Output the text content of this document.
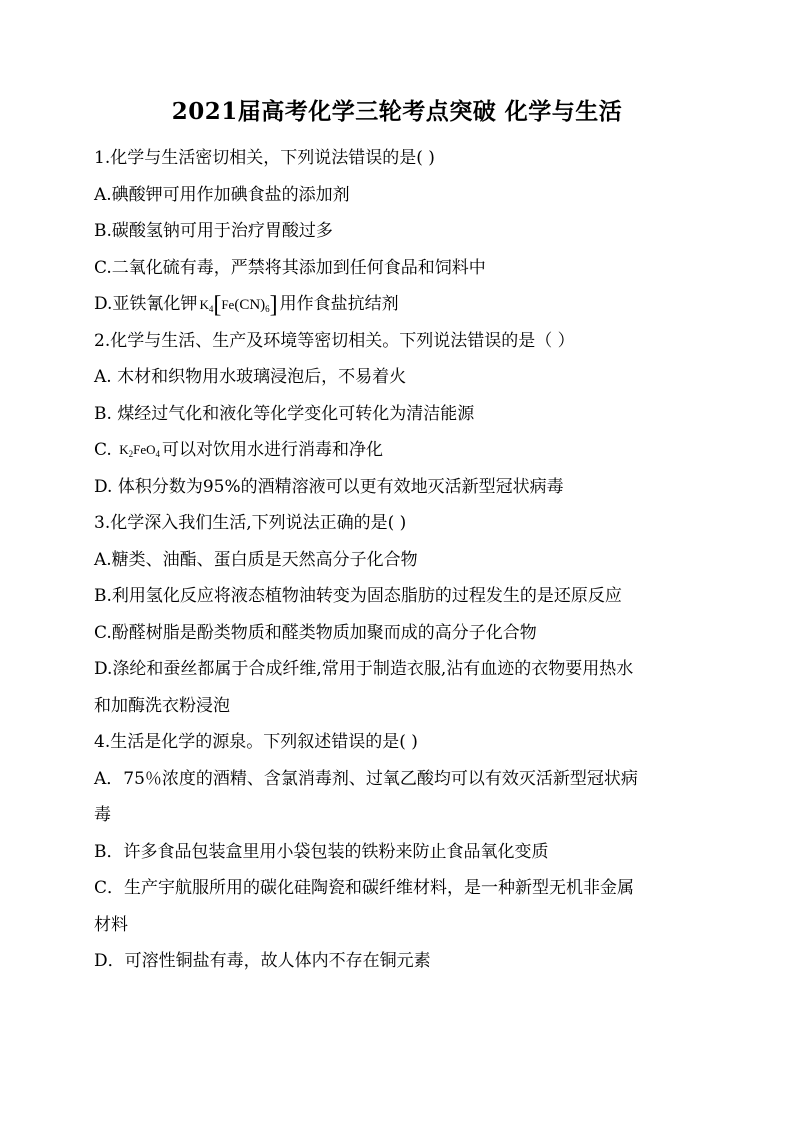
2021届高考化学三轮考点突破 化学与生活
1.化学与生活密切相关，下列说法错误的是( )
A.碘酸钾可用作加碘食盐的添加剂
B.碳酸氢钠可用于治疗胃酸过多
C.二氧化硫有毒，严禁将其添加到任何食品和饲料中
D.亚铁氰化钾 $K_4[Fe(CN)_6]$ 用作食盐抗结剂
2.化学与生活、生产及环境等密切相关。下列说法错误的是（ ）
A. 木材和织物用水玻璃浸泡后，不易着火
B. 煤经过气化和液化等化学变化可转化为清洁能源
C. $K_2FeO_4$ 可以对饮用水进行消毒和净化
D. 体积分数为95%的酒精溶液可以更有效地灭活新型冠状病毒
3.化学深入我们生活,下列说法正确的是( )
A.糖类、油酯、蛋白质是天然高分子化合物
B.利用氢化反应将液态植物油转变为固态脂肪的过程发生的是还原反应
C.酚醛树脂是酚类物质和醛类物质加聚而成的高分子化合物
D.涤纶和蚕丝都属于合成纤维,常用于制造衣服,沾有血迹的衣物要用热水
和加酶洗衣粉浸泡
4.生活是化学的源泉。下列叙述错误的是( )
A．75％浓度的酒精、含氯消毒剂、过氧乙酸均可以有效灭活新型冠状病
毒
B．许多食品包装盒里用小袋包装的铁粉来防止食品氧化变质
C．生产宇航服所用的碳化硅陶瓷和碳纤维材料，是一种新型无机非金属
材料
D．可溶性铜盐有毒，故人体内不存在铜元素
